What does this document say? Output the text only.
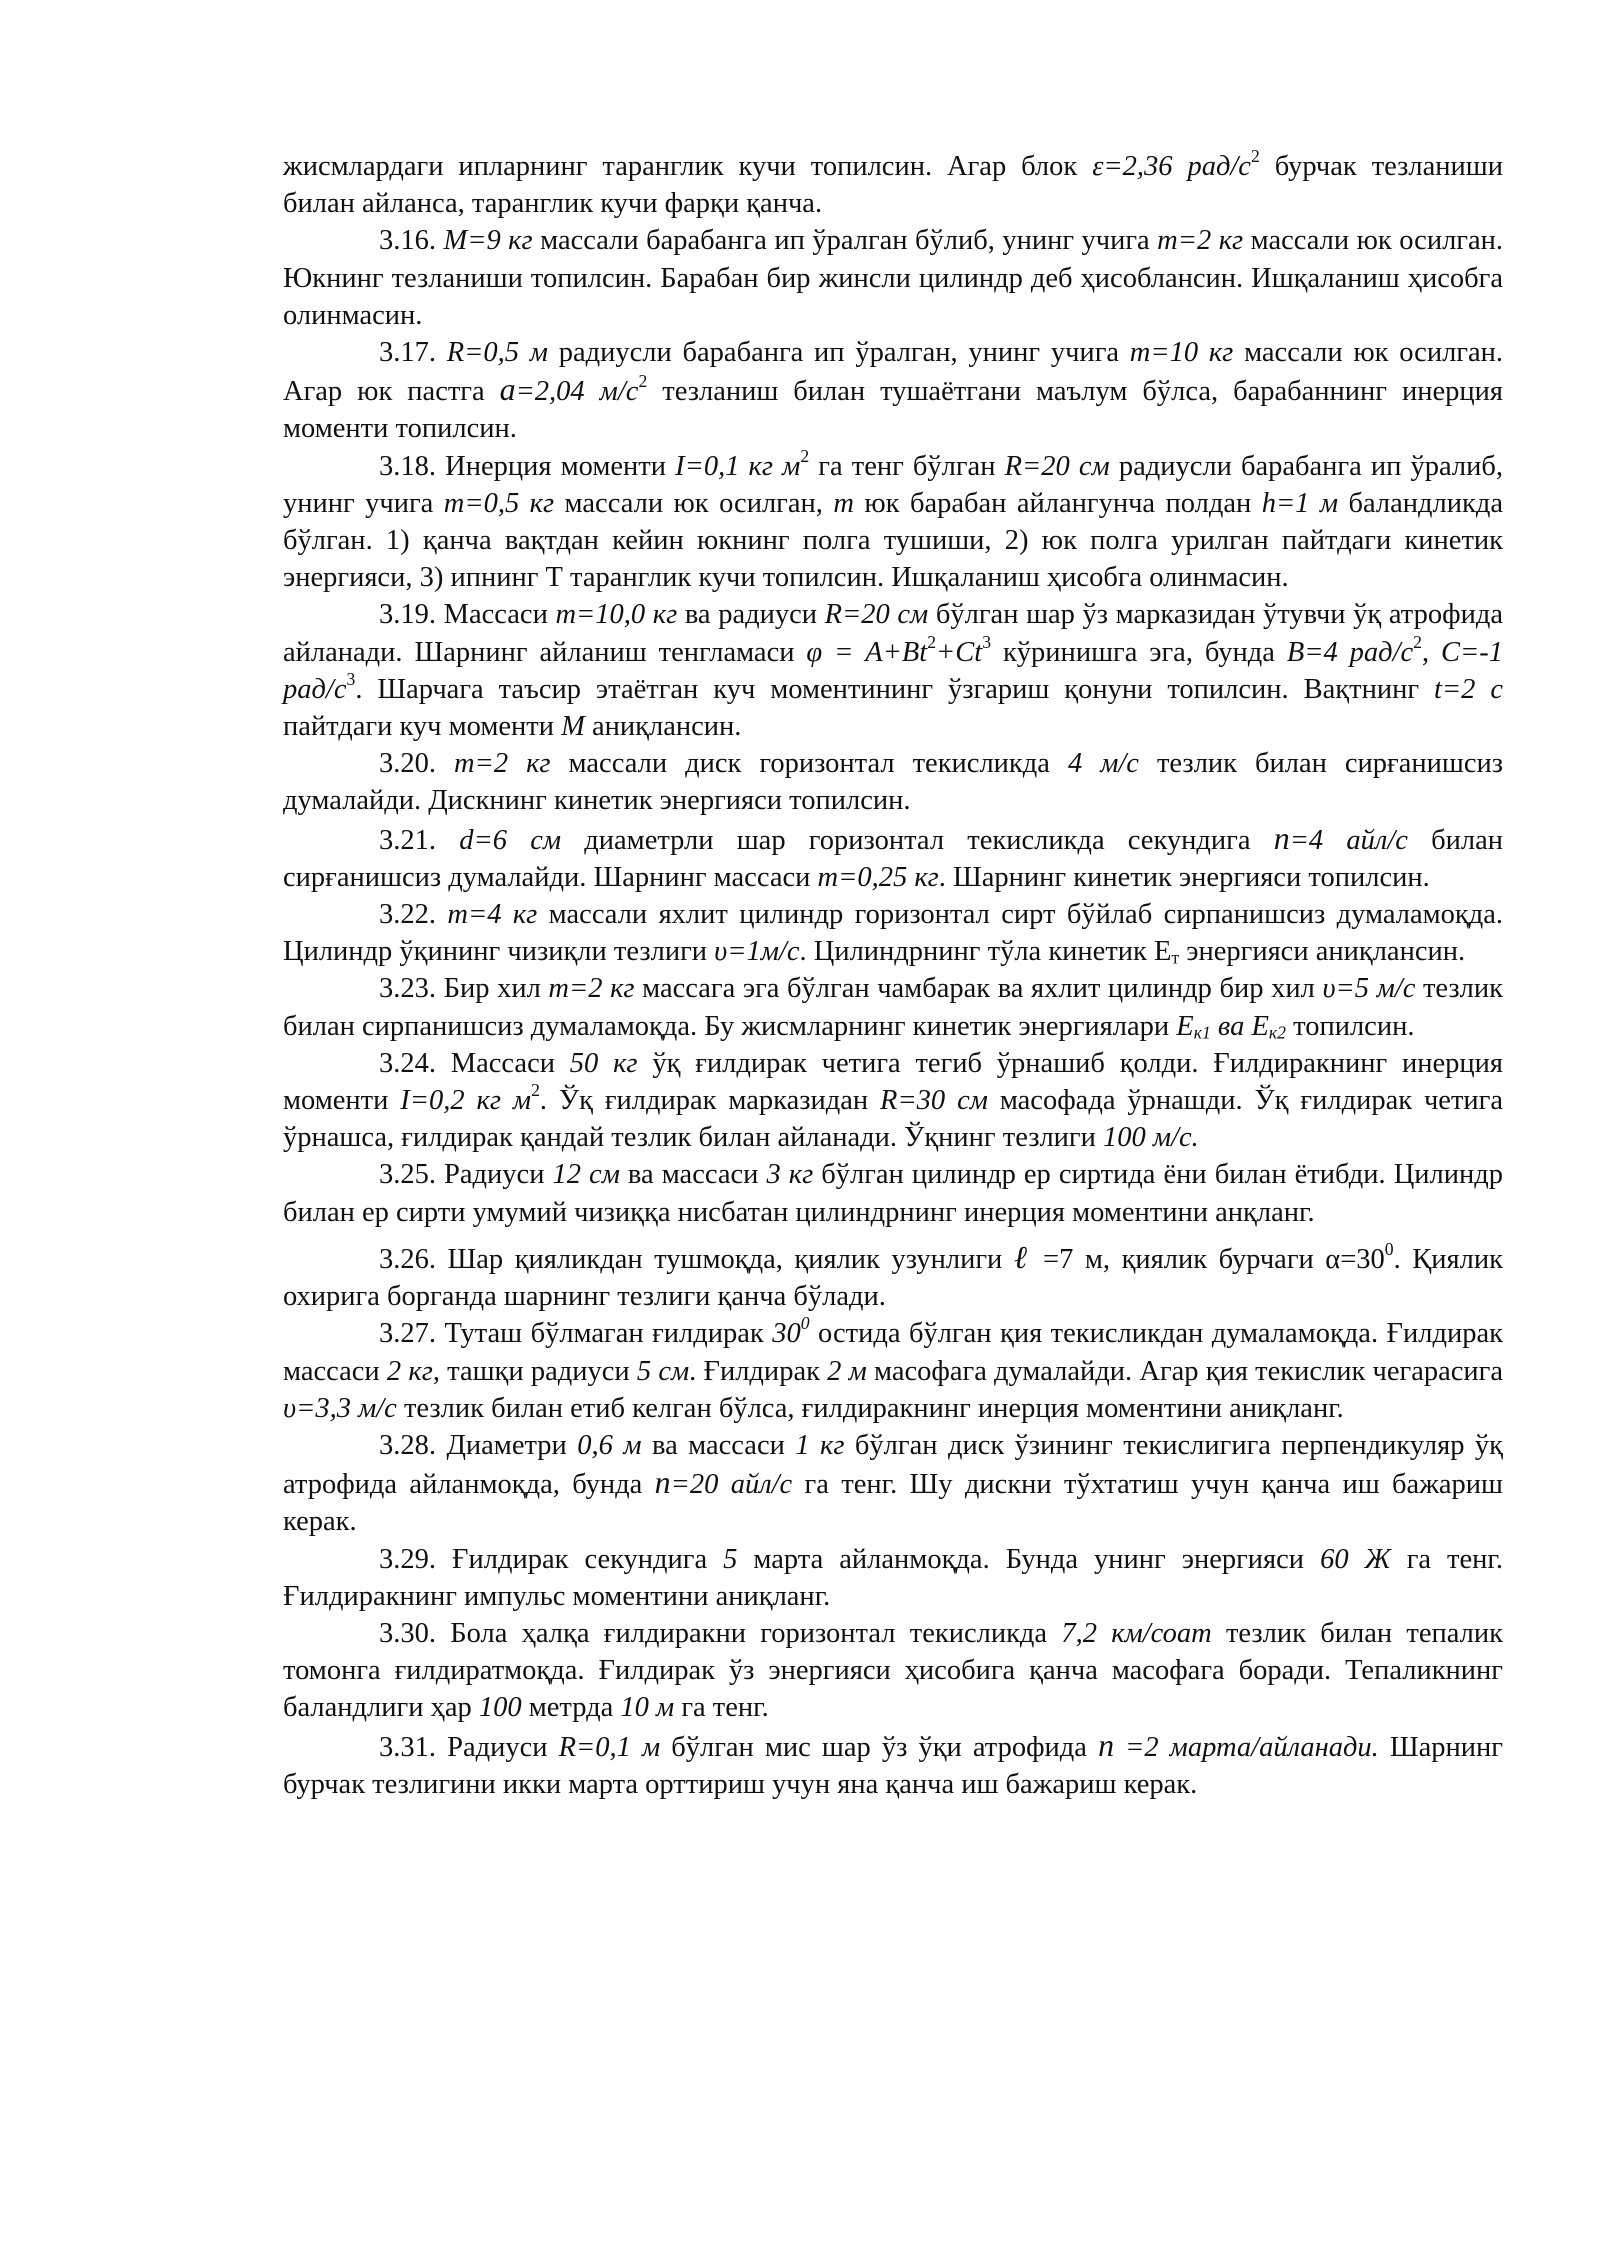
жисмлардаги ипларнинг таранглик кучи топилсин. Агар блок ε=2,36 рад/$с^2$ бурчак тезланиши билан айланса, таранглик кучи фарқи қанча.

3.16. M=9 кг массали барабанга ип ўралган бўлиб, унинг учига m=2 кг массали юк осилган. Юкнинг тезланиши топилсин. Барабан бир жинсли цилиндр деб ҳисоблансин. Ишқаланиш ҳисобга олинмасин.

3.17. R=0,5 м радиусли барабанга ип ўралган, унинг учига m=10 кг массали юк осилган. Агар юк пастга a=2,04 $м/с^2$ тезланиш билан тушаётгани маълум бўлса, барабаннинг инерция моменти топилсин.

3.18. Инерция моменти I=0,1 кг $м^2$ га тенг бўлган R=20 см радиусли барабанга ип ўралиб, унинг учига m=0,5 кг массали юк осилган, m юк барабан айлангунча полдан h=1 м баландликда бўлган. 1) қанча вақтдан кейин юкнинг полга тушиши, 2) юк полга урилган пайтдаги кинетик энергияси, 3) ипнинг Т таранглик кучи топилсин. Ишқаланиш ҳисобга олинмасин.

3.19. Массаси m=10,0 кг ва радиуси R=20 см бўлган шар ўз марказидан ўтувчи ўқ атрофида айланади. Шарнинг айланиш тенгламаси $\varphi = A+Bt^2+Ct^3$ кўринишга эга, бунда B=4 рад/$с^2$, C=-1 рад/$с^3$. Шарчага таъсир этаётган куч моментининг ўзгариш қонуни топилсин. Вақтнинг t=2 с пайтдаги куч моменти M аниқлансин.

3.20. m=2 кг массали диск горизонтал текисликда 4 м/с тезлик билан сирғанишсиз думалайди. Дискнинг кинетик энергияси топилсин.

3.21. d=6 см диаметрли шар горизонтал текисликда секундига n=4 айл/с билан сирғанишсиз думалайди. Шарнинг массаси m=0,25 кг. Шарнинг кинетик энергияси топилсин.

3.22. m=4 кг массали яхлит цилиндр горизонтал сирт бўйлаб сирпанишсиз думаламоқда. Цилиндр ўқининг чизиқли тезлиги υ=1м/с. Цилиндрнинг тўла кинетик $Е_т$ энергияси аниқлансин.

3.23. Бир хил m=2 кг массага эга бўлган чамбарак ва яхлит цилиндр бир хил υ=5 м/с тезлик билан сирпанишсиз думаламоқда. Бу жисмларнинг кинетик энергиялари $E_{к1}$ ва $E_{к2}$ топилсин.

3.24. Массаси 50 кг ўқ ғилдирак четига тегиб ўрнашиб қолди. Ғилдиракнинг инерция моменти I=0,2 кг $м^2$. Ўқ ғилдирак марказидан R=30 см масофада ўрнашди. Ўқ ғилдирак четига ўрнашса, ғилдирак қандай тезлик билан айланади. Ўқнинг тезлиги 100 м/с.

3.25. Радиуси 12 см ва массаси 3 кг бўлган цилиндр ер сиртида ёни билан ётибди. Цилиндр билан ер сирти умумий чизиққа нисбатан цилиндрнинг инерция моментини анқланг.

3.26. Шар қияликдан тушмоқда, қиялик узунлиги ℓ =7 м, қиялик бурчаги $\alpha=30^0$. Қиялик охирига борганда шарнинг тезлиги қанча бўлади.

3.27. Туташ бўлмаган ғилдирак $30^0$ остида бўлган қия текисликдан думаламоқда. Ғилдирак массаси 2 кг, ташқи радиуси 5 см. Ғилдирак 2 м масофага думалайди. Агар қия текислик чегарасига υ=3,3 м/с тезлик билан етиб келган бўлса, ғилдиракнинг инерция моментини аниқланг.

3.28. Диаметри 0,6 м ва массаси 1 кг бўлган диск ўзининг текислигига перпендикуляр ўқ атрофида айланмоқда, бунда n=20 айл/с га тенг. Шу дискни тўхтатиш учун қанча иш бажариш керак.

3.29. Ғилдирак секундига 5 марта айланмоқда. Бунда унинг энергияси 60 Ж га тенг. Ғилдиракнинг импульс моментини аниқланг.

3.30. Бола ҳалқа ғилдиракни горизонтал текисликда 7,2 км/соат тезлик билан тепалик томонга ғилдиратмоқда. Ғилдирак ўз энергияси ҳисобига қанча масофага боради. Тепаликнинг баландлиги ҳар 100 метрда 10 м га тенг.

3.31. Радиуси R=0,1 м бўлган мис шар ўз ўқи атрофида n =2 марта/айланади. Шарнинг бурчак тезлигини икки марта орттириш учун яна қанча иш бажариш керак.
